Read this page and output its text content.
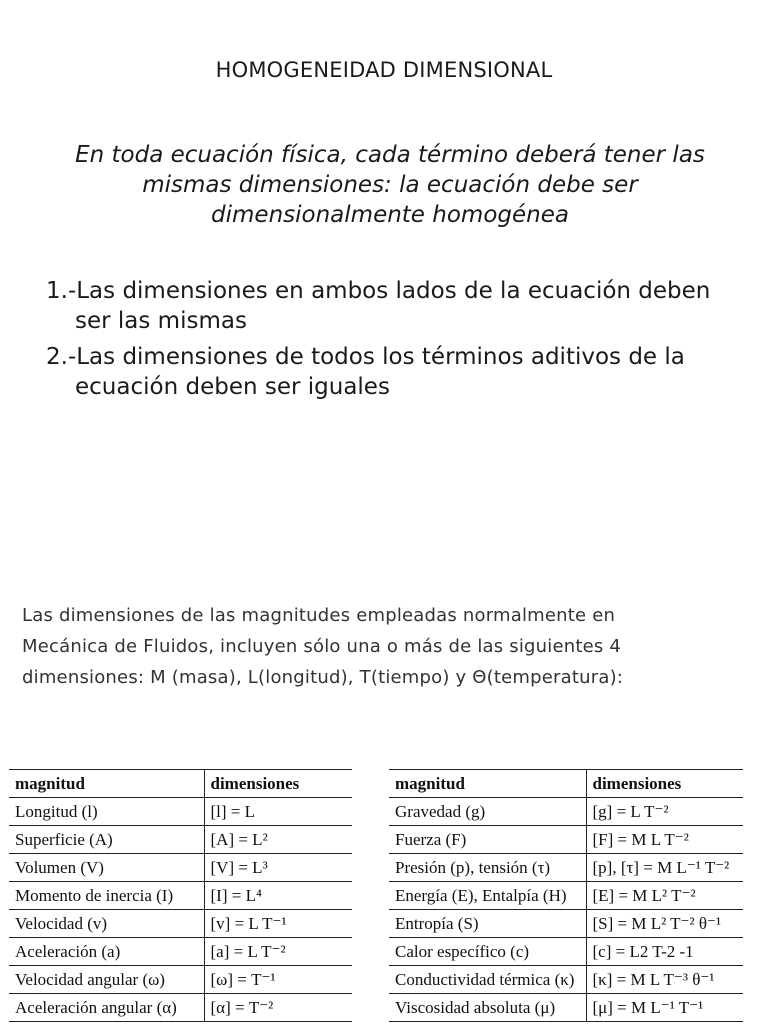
HOMOGENEIDAD DIMENSIONAL
En toda ecuación física, cada término deberá tener las mismas dimensiones: la ecuación debe ser dimensionalmente homogénea
1.-Las dimensiones en ambos lados de la ecuación deben ser las mismas
2.-Las dimensiones de todos los términos aditivos de la ecuación deben ser iguales
Las dimensiones de las magnitudes empleadas normalmente en Mecánica de Fluidos, incluyen sólo una o más de las siguientes 4 dimensiones: M (masa), L(longitud), T(tiempo) y Θ(temperatura):
magnitud	dimensiones
Longitud (l)	[l] = L
Superficie (A)	[A] = L²
Volumen (V)	[V] = L³
Momento de inercia (I)	[I] = L⁴
Velocidad (v)	[v] = L T⁻¹
Aceleración (a)	[a] = L T⁻²
Velocidad angular (ω)	[ω] = T⁻¹
Aceleración angular (α)	[α] = T⁻²
magnitud	dimensiones
Gravedad (g)	[g] = L T⁻²
Fuerza (F)	[F] = M L T⁻²
Presión (p), tensión (τ)	[p], [τ] = M L⁻¹ T⁻²
Energía (E), Entalpía (H)	[E] = M L² T⁻²
Entropía (S)	[S] = M L² T⁻² θ⁻¹
Calor específico (c)	[c] = L2 T-2 -1
Conductividad térmica (κ)	[κ] = M L T⁻³ θ⁻¹
Viscosidad absoluta (μ)	[μ] = M L⁻¹ T⁻¹
